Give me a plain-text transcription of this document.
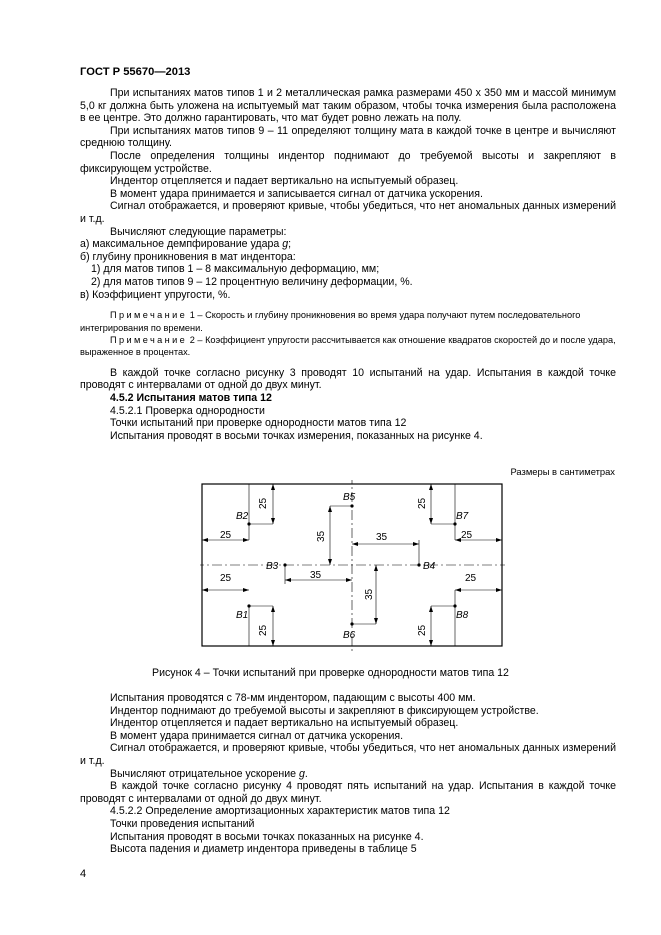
ГОСТ Р 55670—2013

При испытаниях матов типов 1 и 2 металлическая рамка размерами 450 х 350 мм и массой минимум 5,0 кг должна быть уложена на испытуемый мат таким образом, чтобы точка измерения была расположена в ее центре. Это должно гарантировать, что мат будет ровно лежать на полу.

При испытаниях матов типов 9 – 11 определяют толщину мата в каждой точке в центре и вычисляют среднюю толщину.

После определения толщины индентор поднимают до требуемой высоты и закрепляют в фиксирующем устройстве.

Индентор отцепляется и падает вертикально на испытуемый образец.

В момент удара принимается и записывается сигнал от датчика ускорения.

Сигнал отображается, и проверяют кривые, чтобы убедиться, что нет аномальных данных измерений и т.д.

Вычисляют следующие параметры:

а) максимальное демпфирование удара g;

б) глубину проникновения в мат индентора:

1) для матов типов 1 – 8 максимальную деформацию, мм;

2) для матов типов 9 – 12 процентную величину деформации, %.

в) Коэффициент упругости, %.

Примечание 1 – Скорость и глубину проникновения во время удара получают путем последовательного интегрирования по времени.

Примечание 2 – Коэффициент упругости рассчитывается как отношение квадратов скоростей до и после удара, выраженное в процентах.

В каждой точке согласно рисунку 3 проводят 10 испытаний на удар. Испытания в каждой точке проводят с интервалами от одной до двух минут.

4.5.2 Испытания матов типа 12

4.5.2.1 Проверка однородности

Точки испытаний при проверке однородности матов типа 12

Испытания проводят в восьми точках измерения, показанных на рисунке 4.

Размеры в сантиметрах
B2
B1
B7
B8
B5
B6
B3	B4
25
25
25
25
35
35
25
25
25
25
35
35
Рисунок 4 – Точки испытаний при проверке однородности матов типа 12

Испытания проводятся с 78-мм индентором, падающим с высоты 400 мм.

Индентор поднимают до требуемой высоты и закрепляют в фиксирующем устройстве.

Индентор отцепляется и падает вертикально на испытуемый образец.

В момент удара принимается сигнал от датчика ускорения.

Сигнал отображается, и проверяют кривые, чтобы убедиться, что нет аномальных данных измерений и т.д.

Вычисляют отрицательное ускорение g.

В каждой точке согласно рисунку 4 проводят пять испытаний на удар. Испытания в каждой точке проводят с интервалами от одной до двух минут.

4.5.2.2 Определение амортизационных характеристик матов типа 12

Точки проведения испытаний

Испытания проводят в восьми точках показанных на рисунке 4.

Высота падения и диаметр индентора приведены в таблице 5

4
